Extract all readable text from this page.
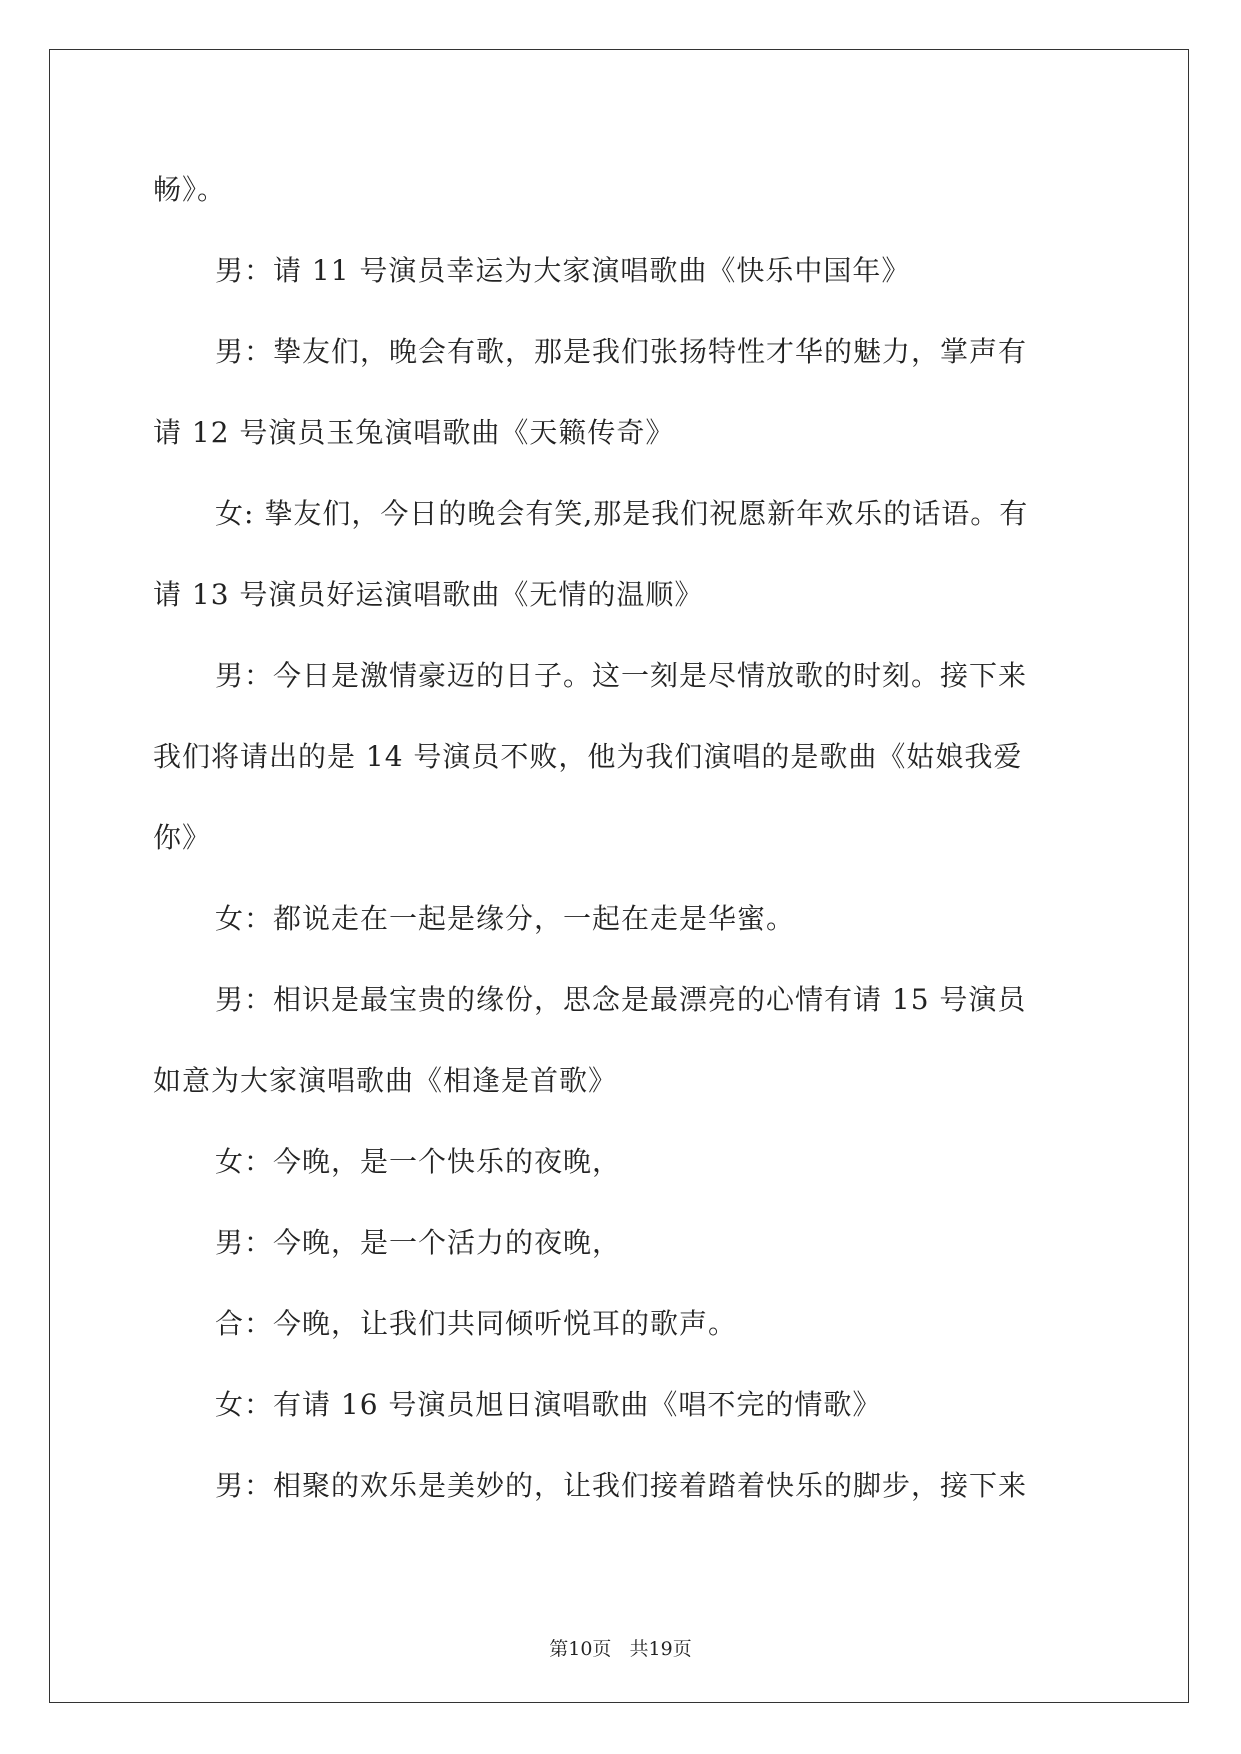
畅》。
男：请 11 号演员幸运为大家演唱歌曲《快乐中国年》
男：挚友们，晚会有歌，那是我们张扬特性才华的魅力，掌声有
请 12 号演员玉兔演唱歌曲《天籁传奇》
女: 挚友们，今日的晚会有笑,那是我们祝愿新年欢乐的话语。有
请 13 号演员好运演唱歌曲《无情的温顺》
男：今日是激情豪迈的日子。这一刻是尽情放歌的时刻。接下来
我们将请出的是 14 号演员不败，他为我们演唱的是歌曲《姑娘我爱
你》
女：都说走在一起是缘分，一起在走是华蜜。
男：相识是最宝贵的缘份，思念是最漂亮的心情有请 15 号演员
如意为大家演唱歌曲《相逢是首歌》
女：今晚，是一个快乐的夜晚，
男：今晚，是一个活力的夜晚，
合：今晚，让我们共同倾听悦耳的歌声。
女：有请 16 号演员旭日演唱歌曲《唱不完的情歌》
男：相聚的欢乐是美妙的，让我们接着踏着快乐的脚步，接下来
第10页   共19页
